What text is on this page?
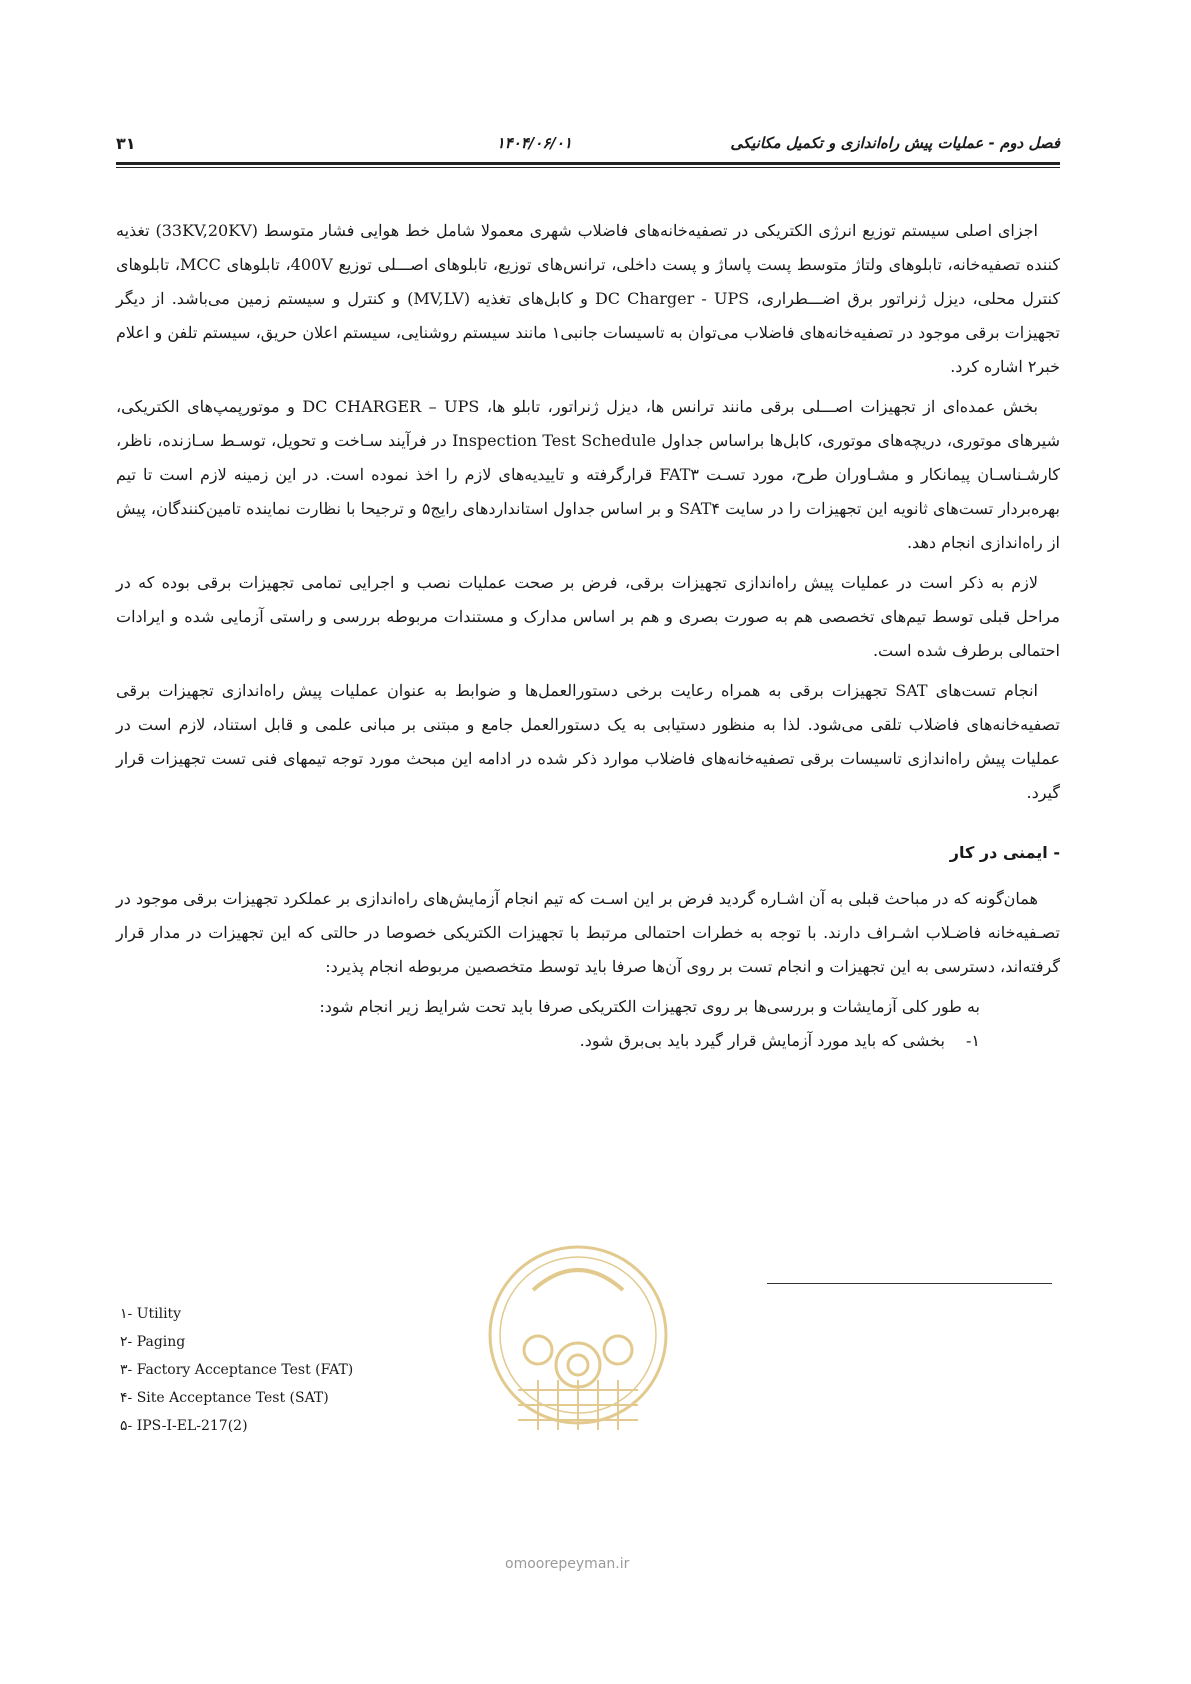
فصل دوم - عملیات پیش راه‌اندازی و تکمیل مکانیکی
۱۴۰۴/۰۶/۰۱
۳۱

اجزای اصلی سیستم توزیع انرژی الکتریکی در تصفیه‌خانه‌های فاضلاب شهری معمولا شامل خط هوایی فشار متوسط (33KV,20KV) تغذیه کننده تصفیه‌خانه، تابلوهای ولتاژ متوسط پست پاساژ و پست داخلی، ترانس‌های توزیع، تابلوهای اصـــلی توزیع 400V، تابلوهای MCC، تابلوهای کنترل محلی، دیزل ژنراتور برق اضـــطراری، DC Charger - UPS و کابل‌های تغذیه (MV,LV) و کنترل و سیستم زمین می‌باشد. از دیگر تجهیزات برقی موجود در تصفیه‌خانه‌های فاضلاب می‌توان به تاسیسات جانبی۱ مانند سیستم روشنایی، سیستم اعلان حریق، سیستم تلفن و اعلام خبر۲ اشاره کرد.

بخش عمده‌ای از تجهیزات اصـــلی برقی مانند ترانس ها، دیزل ژنراتور، تابلو ها، DC CHARGER – UPS و موتورپمپ‌های الکتریکی، شیرهای موتوری، دریچه‌های موتوری، کابل‌ها براساس جداول Inspection Test Schedule در فرآیند سـاخت و تحویل، توسـط سـازنده، ناظر، کارشـناسـان پیمانکار و مشـاوران طرح، مورد تسـت FAT۳ قرارگرفته و تاییدیه‌های لازم را اخذ نموده است. در این زمینه لازم است تا تیم بهره‌بردار تست‌های ثانویه این تجهیزات را در سایت SAT۴ و بر اساس جداول استانداردهای رایج۵ و ترجیحا با نظارت نماینده تامین‌کنندگان، پیش از راه‌اندازی انجام دهد.

لازم به ذکر است در عملیات پیش راه‌اندازی تجهیزات برقی، فرض بر صحت عملیات نصب و اجرایی تمامی تجهیزات برقی بوده که در مراحل قبلی توسط تیم‌های تخصصی هم به صورت بصری و هم بر اساس مدارک و مستندات مربوطه بررسی و راستی آزمایی شده و ایرادات احتمالی برطرف شده است.

انجام تست‌های SAT تجهیزات برقی به همراه رعایت برخی دستورالعمل‌ها و ضوابط به عنوان عملیات پیش راه‌اندازی تجهیزات برقی تصفیه‌خانه‌های فاضلاب تلقی می‌شود. لذا به منظور دستیابی به یک دستورالعمل جامع و مبتنی بر مبانی علمی و قابل استناد، لازم است در عملیات پیش راه‌اندازی تاسیسات برقی تصفیه‌خانه‌های فاضلاب موارد ذکر شده در ادامه این مبحث مورد توجه تیمهای فنی تست تجهیزات قرار گیرد.

- ایمنی در کار

همان‌گونه که در مباحث قبلی به آن اشـاره گردید فرض بر این اسـت که تیم انجام آزمایش‌های راه‌اندازی بر عملکرد تجهیزات برقی موجود در تصـفیه‌خانه فاضـلاب اشـراف دارند. با توجه به خطرات احتمالی مرتبط با تجهیزات الکتریکی خصوصا در حالتی که این تجهیزات در مدار قرار گرفته‌اند، دسترسی به این تجهیزات و انجام تست بر روی آن‌ها صرفا باید توسط متخصصین مربوطه انجام پذیرد:

به طور کلی آزمایشات و بررسی‌ها بر روی تجهیزات الکتریکی صرفا باید تحت شرایط زیر انجام شود:

۱- بخشی که باید مورد آزمایش قرار گیرد باید بی‌برق شود.

omoorepeyman.ir
۱- Utility
۲- Paging
۳- Factory Acceptance Test (FAT)
۴- Site Acceptance Test (SAT)
۵- IPS-I-EL-217(2)
